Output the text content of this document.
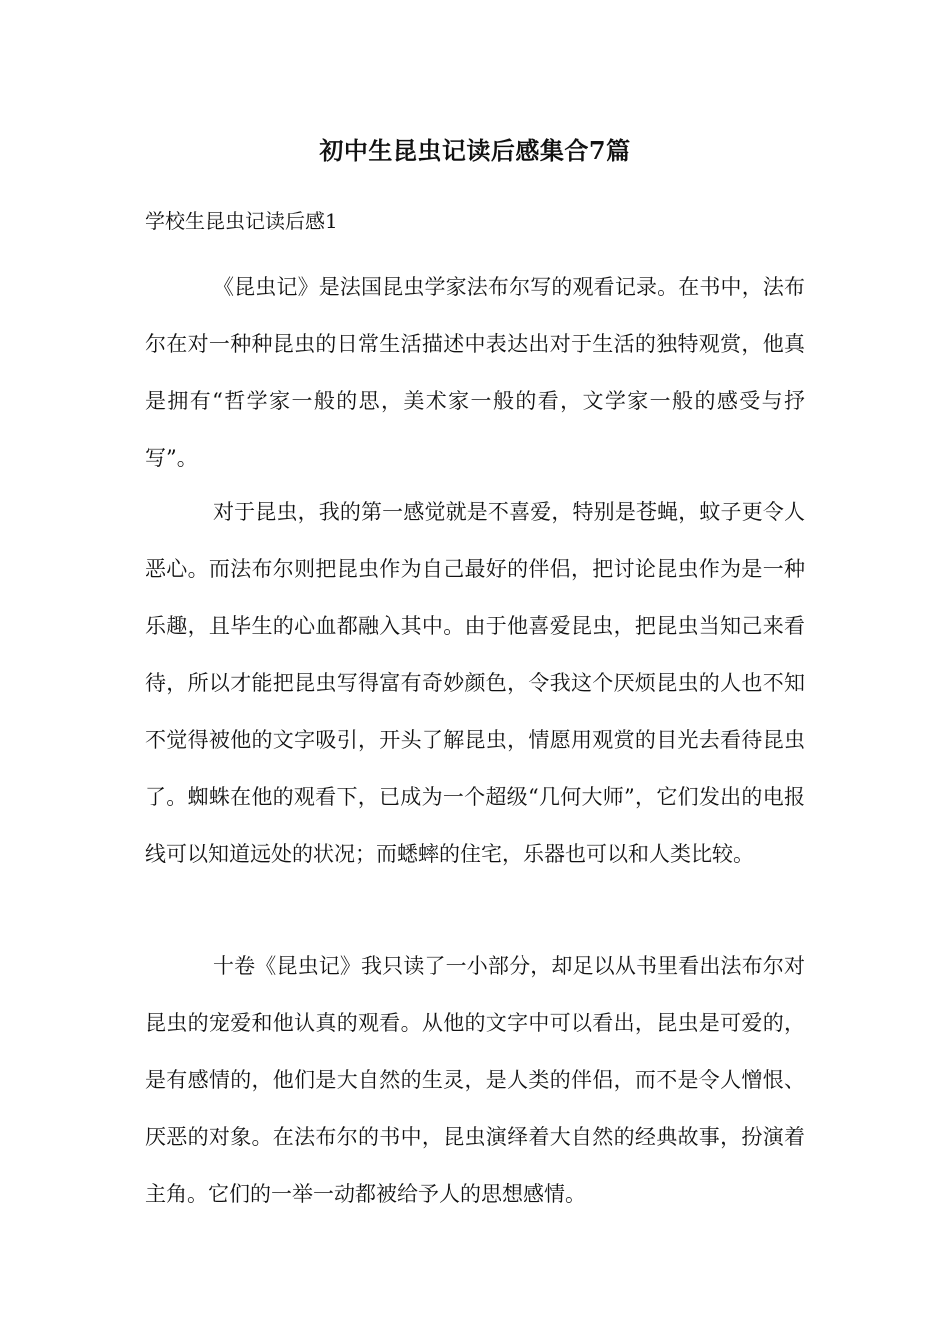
初中生昆虫记读后感集合7篇
学校生昆虫记读后感1
《昆虫记》是法国昆虫学家法布尔写的观看记录。在书中，法布尔在对一种种昆虫的日常生活描述中表达出对于生活的独特观赏，他真是拥有“哲学家一般的思，美术家一般的看，文学家一般的感受与抒写”。
对于昆虫，我的第一感觉就是不喜爱，特别是苍蝇，蚊子更令人恶心。而法布尔则把昆虫作为自己最好的伴侣，把讨论昆虫作为是一种乐趣，且毕生的心血都融入其中。由于他喜爱昆虫，把昆虫当知己来看待，所以才能把昆虫写得富有奇妙颜色，令我这个厌烦昆虫的人也不知不觉得被他的文字吸引，开头了解昆虫，情愿用观赏的目光去看待昆虫了。蜘蛛在他的观看下，已成为一个超级“几何大师”，它们发出的电报线可以知道远处的状况；而蟋蟀的住宅，乐器也可以和人类比较。
十卷《昆虫记》我只读了一小部分，却足以从书里看出法布尔对昆虫的宠爱和他认真的观看。从他的文字中可以看出，昆虫是可爱的，是有感情的，他们是大自然的生灵，是人类的伴侣，而不是令人憎恨、厌恶的对象。在法布尔的书中，昆虫演绎着大自然的经典故事，扮演着主角。它们的一举一动都被给予人的思想感情。
